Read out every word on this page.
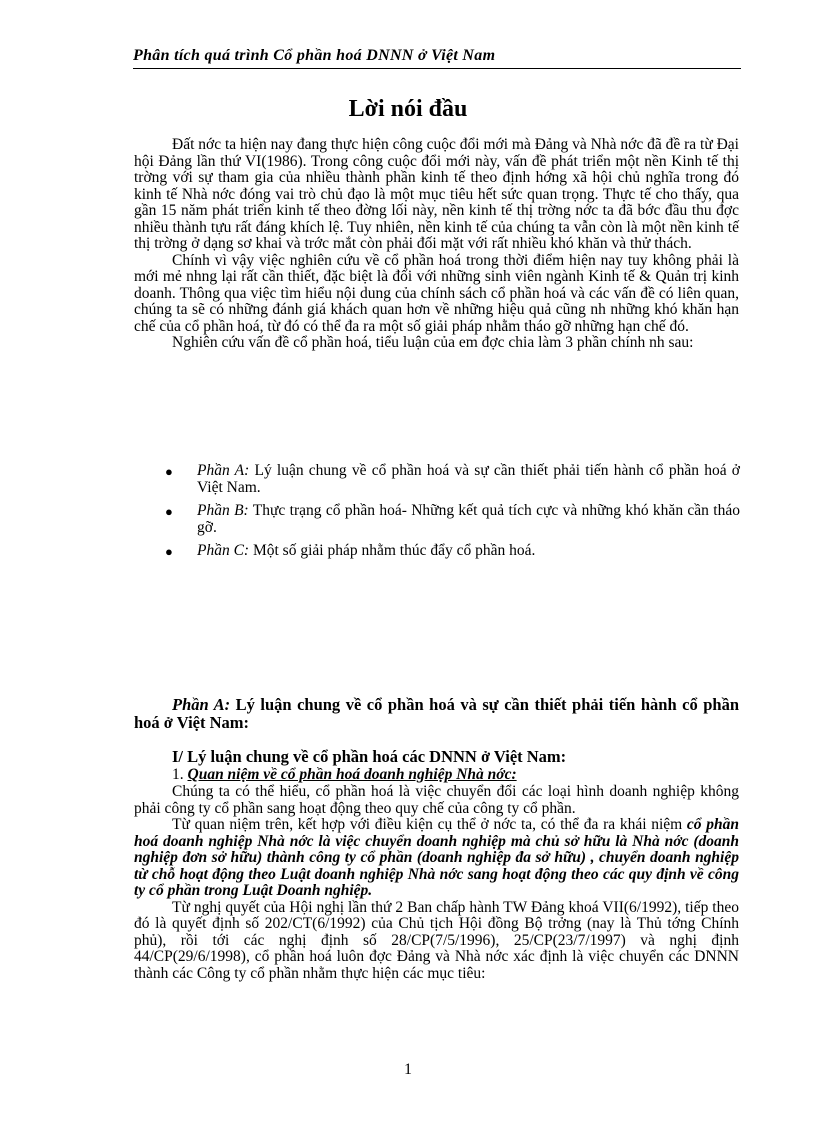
Phân tích quá trình Cổ phần hoá DNNN ở Việt Nam
Lời nói đầu

Đất nớc ta hiện nay đang thực hiện công cuộc đổi mới mà Đảng và Nhà nớc đã đề ra từ Đại hội Đảng lần thứ VI(1986). Trong công cuộc đổi mới này, vấn đề phát triển một nền Kinh tế thị trờng với sự tham gia của nhiều thành phần kinh tế theo định hớng xã hội chủ nghĩa trong đó kinh tế Nhà nớc đóng vai trò chủ đạo là một mục tiêu hết sức quan trọng. Thực tế cho thấy, qua gần 15 năm phát triển kinh tế theo đờng lối này, nền kinh tế thị trờng nớc ta đã bớc đầu thu đợc nhiều thành tựu rất đáng khích lệ. Tuy nhiên, nền kinh tế của chúng ta vẫn còn là một nền kinh tế thị trờng ở dạng sơ khai và trớc mắt còn phải đối mặt với rất nhiều khó khăn và thử thách.

Chính vì vậy việc nghiên cứu về cổ phần hoá trong thời điểm hiện nay tuy không phải là mới mẻ nhng lại rất cần thiết, đặc biệt là đối với những sinh viên ngành Kinh tế & Quản trị kinh doanh. Thông qua việc tìm hiểu nội dung của chính sách cổ phần hoá và các vấn đề có liên quan, chúng ta sẽ có những đánh giá khách quan hơn về những hiệu quả cũng nh những khó khăn hạn chế của cổ phần hoá, từ đó có thể đa ra một số giải pháp nhằm tháo gỡ những hạn chế đó.

Nghiên cứu vấn đề cổ phần hoá, tiểu luận của em đợc chia làm 3 phần chính nh sau:

● Phần A: Lý luận chung về cổ phần hoá và sự cần thiết phải tiến hành cổ phần hoá ở Việt Nam.
● Phần B: Thực trạng cổ phần hoá- Những kết quả tích cực và những khó khăn cần tháo gỡ.
● Phần C: Một số giải pháp nhằm thúc đẩy cổ phần hoá.
Phần A: Lý luận chung về cổ phần hoá và sự cần thiết phải tiến hành cổ phần hoá ở Việt Nam:
I/ Lý luận chung về cổ phần hoá các DNNN ở Việt Nam:
1. Quan niệm về cổ phần hoá doanh nghiệp Nhà nớc:

Chúng ta có thể hiểu, cổ phần hoá là việc chuyển đổi các loại hình doanh nghiệp không phải công ty cổ phần sang hoạt động theo quy chế của công ty cổ phần.

Từ quan niệm trên, kết hợp với điều kiện cụ thể ở nớc ta, có thể đa ra khái niệm cổ phần hoá doanh nghiệp Nhà nớc là việc chuyển doanh nghiệp mà chủ sở hữu là Nhà nớc (doanh nghiệp đơn sở hữu) thành công ty cổ phần (doanh nghiệp đa sở hữu) , chuyển doanh nghiệp từ chỗ hoạt động theo Luật doanh nghiệp Nhà nớc sang hoạt động theo các quy định về công ty cổ phần trong Luật Doanh nghiệp.

Từ nghị quyết của Hội nghị lần thứ 2 Ban chấp hành TW Đảng khoá VII(6/1992), tiếp theo đó là quyết định số 202/CT(6/1992) của Chủ tịch Hội đồng Bộ trởng (nay là Thủ tớng Chính phủ), rồi tới các nghị định số 28/CP(7/5/1996), 25/CP(23/7/1997) và nghị định 44/CP(29/6/1998), cổ phần hoá luôn đợc Đảng và Nhà nớc xác định là việc chuyển các DNNN thành các Công ty cổ phần nhằm thực hiện các mục tiêu:

1
